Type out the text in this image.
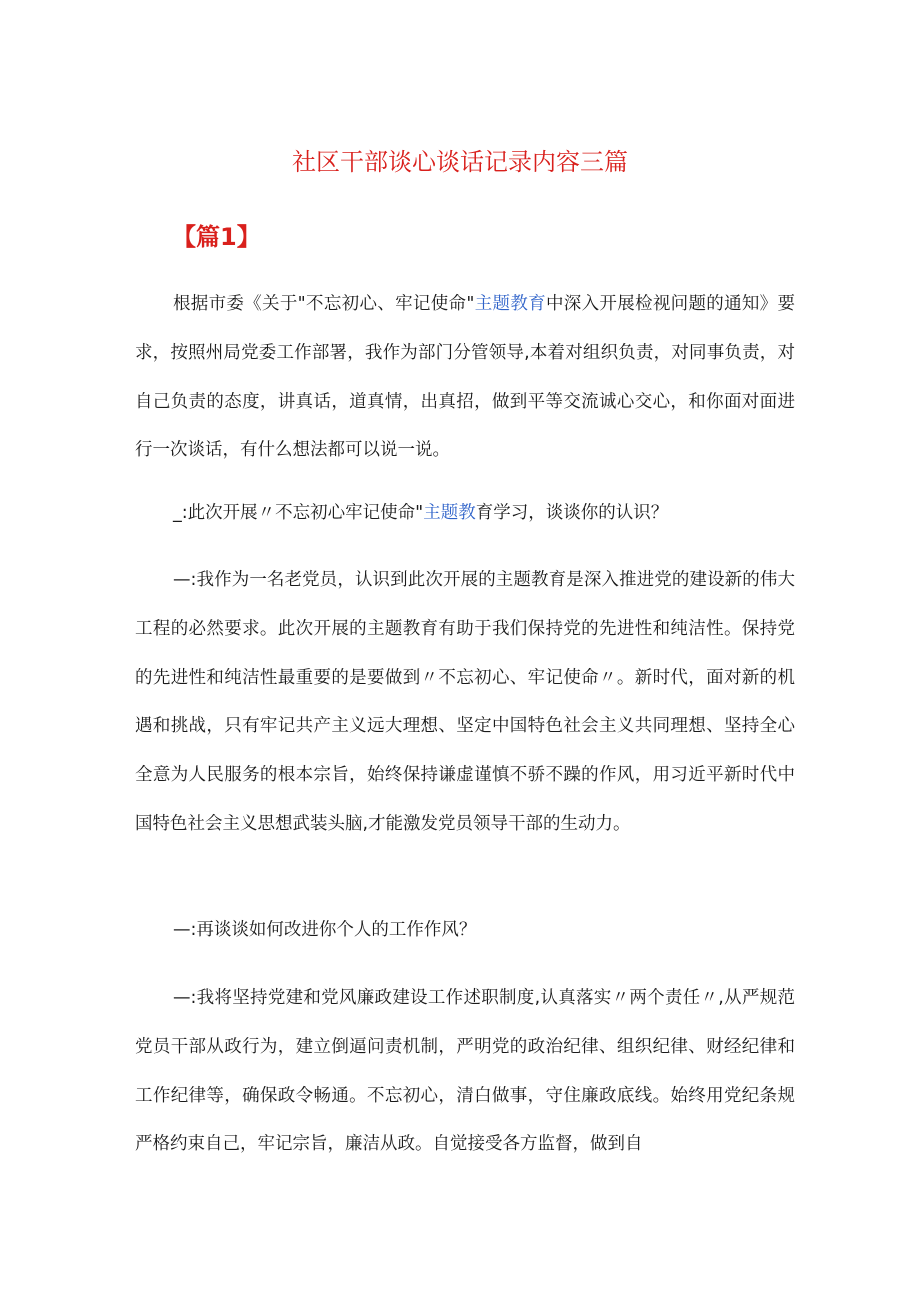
社区干部谈心谈话记录内容三篇
【篇1】

根据市委《关于"不忘初心、牢记使命"主题教育中深入开展检视问题的通知》要求，按照州局党委工作部署，我作为部门分管领导,本着对组织负责，对同事负责，对自己负责的态度，讲真话，道真情，出真招，做到平等交流诚心交心，和你面对面进行一次谈话，有什么想法都可以说一说。

_:此次开展〃不忘初心牢记使命"主题教育学习，谈谈你的认识？

—:我作为一名老党员，认识到此次开展的主题教育是深入推进党的建设新的伟大工程的必然要求。此次开展的主题教育有助于我们保持党的先进性和纯洁性。保持党的先进性和纯洁性最重要的是要做到〃不忘初心、牢记使命〃。新时代，面对新的机遇和挑战，只有牢记共产主义远大理想、坚定中国特色社会主义共同理想、坚持全心全意为人民服务的根本宗旨，始终保持谦虚谨慎不骄不躁的作风，用习近平新时代中国特色社会主义思想武装头脑,才能激发党员领导干部的生动力。

—:再谈谈如何改进你个人的工作作风？

—:我将坚持党建和党风廉政建设工作述职制度,认真落实〃两个责任〃,从严规范党员干部从政行为，建立倒逼问责机制，严明党的政治纪律、组织纪律、财经纪律和工作纪律等，确保政令畅通。不忘初心，清白做事，守住廉政底线。始终用党纪条规严格约束自己，牢记宗旨，廉洁从政。自觉接受各方监督，做到自
